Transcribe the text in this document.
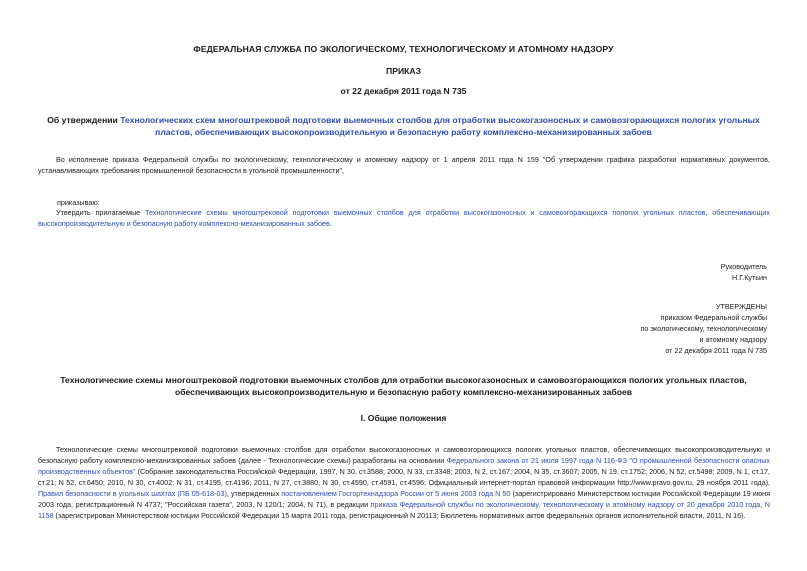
ФЕДЕРАЛЬНАЯ СЛУЖБА ПО ЭКОЛОГИЧЕСКОМУ, ТЕХНОЛОГИЧЕСКОМУ И АТОМНОМУ НАДЗОРУ
ПРИКАЗ
от 22 декабря 2011 года N 735
Об утверждении Технологических схем многоштрековой подготовки выемочных столбов для отработки высокогазоносных и самовозгорающихся пологих угольных пластов, обеспечивающих высокопроизводительную и безопасную работу комплексно-механизированных забоев
Во исполнение приказа Федеральной службы по экологическому, технологическому и атомному надзору от 1 апреля 2011 года N 159 "Об утверждении графика разработки нормативных документов, устанавливающих требования промышленной безопасности в угольной промышленности",
приказываю:
Утвердить прилагаемые Технологические схемы многоштрековой подготовки выемочных столбов для отработки высокогазоносных и самовозгорающихся пологих угольных пластов, обеспечивающих высокопроизводительную и безопасную работу комплексно-механизированных забоев.
Руководитель
Н.Г.Кутьин
УТВЕРЖДЕНЫ
приказом Федеральной службы
по экологическому, технологическому
и атомному надзору
от 22 декабря 2011 года N 735
Технологические схемы многоштрековой подготовки выемочных столбов для отработки высокогазоносных и самовозгорающихся пологих угольных пластов, обеспечивающих высокопроизводительную и безопасную работу комплексно-механизированных забоев
I. Общие положения
Технологические схемы многоштрековой подготовки выемочных столбов для отработки высокогазоносных и самовозгорающихся пологих угольных пластов, обеспечивающих высокопроизводительную и безопасную работу комплексно-механизированных забоев (далее - Технологические схемы) разработаны на основании Федерального закона от 21 июля 1997 года N 116-ФЗ "О промышленной безопасности опасных производственных объектов" (Собрание законодательства Российской Федерации, 1997, N 30, ст.3588; 2000, N 33, ст.3348; 2003, N 2, ст.167; 2004, N 35, ст.3607; 2005, N 19, ст.1752; 2006, N 52, ст.5498; 2009, N 1, ст.17, ст.21; N 52, ст.6450; 2010, N 30, ст.4002; N 31, ст.4195, ст.4196; 2011, N 27, ст.3880, N 30, ст.4590, ст.4591, ст.4596; Официальный интернет-портал правовой информации http://www.pravo.gov.ru, 29 ноября 2011 года), Правил безопасности в угольных шахтах (ПБ 05-618-03), утвержденных постановлением Госгортехнадзора России от 5 июня 2003 года N 50 (зарегистрировано Министерством юстиции Российской Федерации 19 июня 2003 года, регистрационный N 4737; "Российская газета", 2003, N 120/1; 2004, N 71), в редакции приказа Федеральной службы по экологическому, технологическому и атомному надзору от 20 декабря 2010 года, N 1158 (зарегистрирован Министерством юстиции Российской Федерации 15 марта 2011 года, регистрационный N 20113; Бюллетень нормативных актов федеральных органов исполнительной власти, 2011, N 16).
